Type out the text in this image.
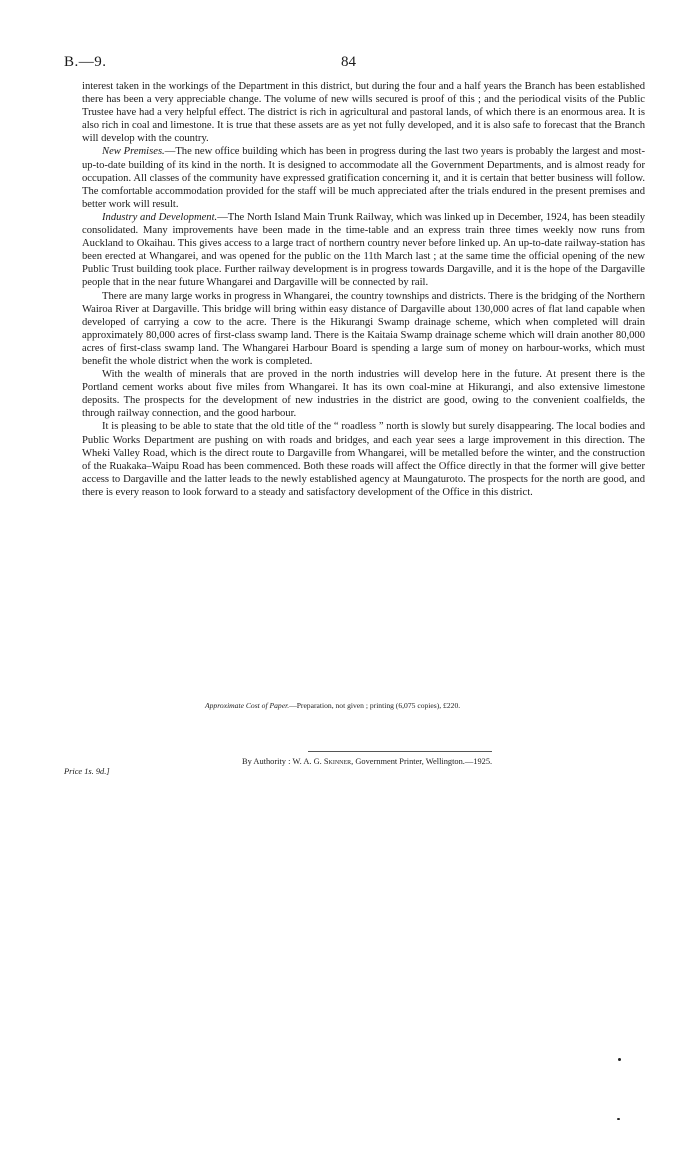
B.—9.	84

interest taken in the workings of the Department in this district, but during the four and a half years the Branch has been established there has been a very appreciable change. The volume of new wills secured is proof of this ; and the periodical visits of the Public Trustee have had a very helpful effect. The district is rich in agricultural and pastoral lands, of which there is an enormous area. It is also rich in coal and limestone. It is true that these assets are as yet not fully developed, and it is also safe to forecast that the Branch will develop with the country.

New Premises.—The new office building which has been in progress during the last two years is probably the largest and most-up-to-date building of its kind in the north. It is designed to accommodate all the Government Departments, and is almost ready for occupation. All classes of the community have expressed gratification concerning it, and it is certain that better business will follow. The comfortable accommodation provided for the staff will be much appreciated after the trials endured in the present premises and better work will result.

Industry and Development.—The North Island Main Trunk Railway, which was linked up in December, 1924, has been steadily consolidated. Many improvements have been made in the time-table and an express train three times weekly now runs from Auckland to Okaihau. This gives access to a large tract of northern country never before linked up. An up-to-date railway-station has been erected at Whangarei, and was opened for the public on the 11th March last ; at the same time the official opening of the new Public Trust building took place. Further railway development is in progress towards Dargaville, and it is the hope of the Dargaville people that in the near future Whangarei and Dargaville will be connected by rail.

There are many large works in progress in Whangarei, the country townships and districts. There is the bridging of the Northern Wairoa River at Dargaville. This bridge will bring within easy distance of Dargaville about 130,000 acres of flat land capable when developed of carrying a cow to the acre. There is the Hikurangi Swamp drainage scheme, which when completed will drain approximately 80,000 acres of first-class swamp land. There is the Kaitaia Swamp drainage scheme which will drain another 80,000 acres of first-class swamp land. The Whangarei Harbour Board is spending a large sum of money on harbour-works, which must benefit the whole district when the work is completed.

With the wealth of minerals that are proved in the north industries will develop here in the future. At present there is the Portland cement works about five miles from Whangarei. It has its own coal-mine at Hikurangi, and also extensive limestone deposits. The prospects for the development of new industries in the district are good, owing to the convenient coalfields, the through railway connection, and the good harbour.

It is pleasing to be able to state that the old title of the “ roadless ” north is slowly but surely disappearing. The local bodies and Public Works Department are pushing on with roads and bridges, and each year sees a large improvement in this direction. The Wheki Valley Road, which is the direct route to Dargaville from Whangarei, will be metalled before the winter, and the construction of the Ruakaka–Waipu Road has been commenced. Both these roads will affect the Office directly in that the former will give better access to Dargaville and the latter leads to the newly established agency at Maungaturoto. The prospects for the north are good, and there is every reason to look forward to a steady and satisfactory development of the Office in this district.

Approximate Cost of Paper.—Preparation, not given ; printing (6,075 copies), £220.
By Authority : W. A. G. Skinner, Government Printer, Wellington.—1925.
Price 1s. 9d.]
